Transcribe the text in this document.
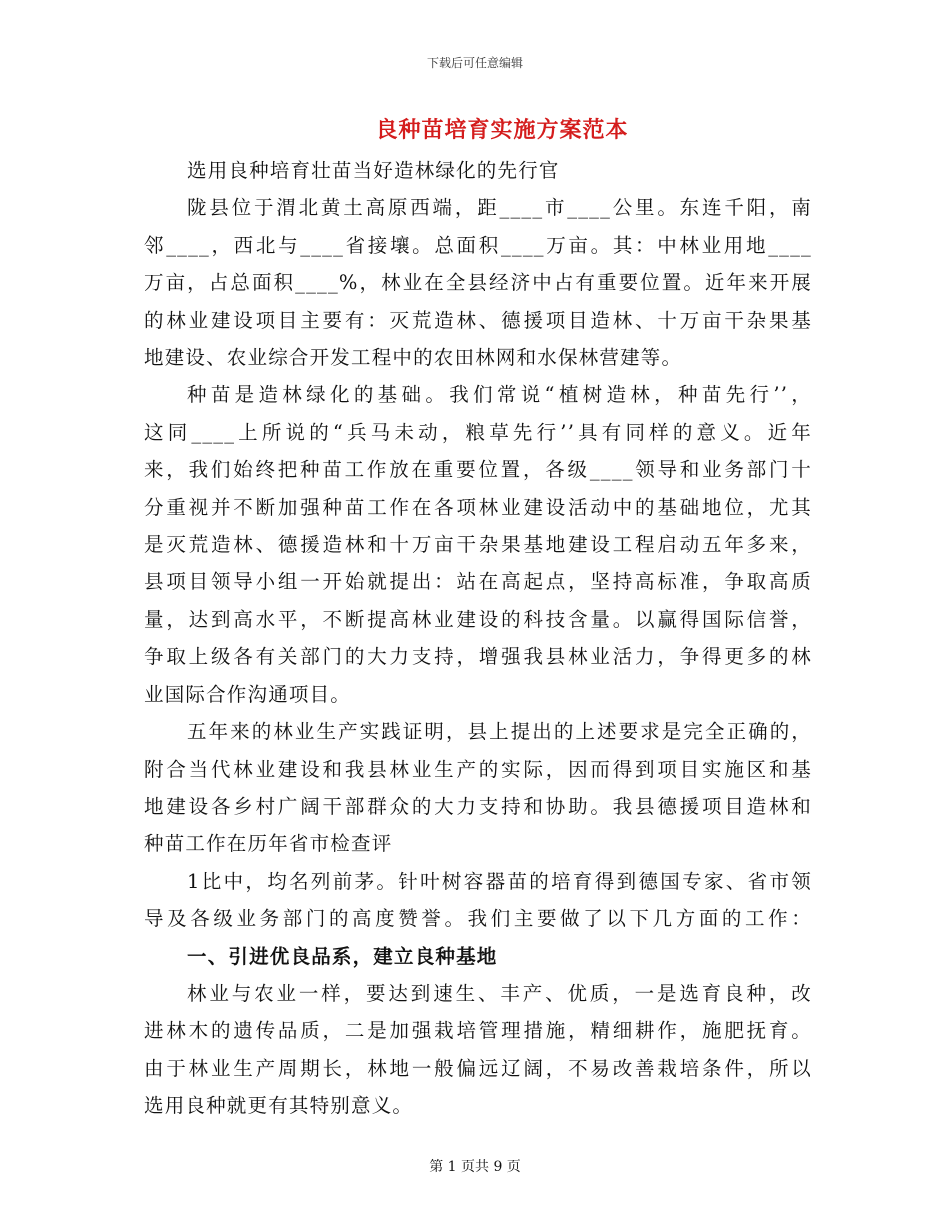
下载后可任意编辑
良种苗培育实施方案范本
选用良种培育壮苗当好造林绿化的先行官
陇县位于渭北黄土高原西端，距____市____公里。东连千阳，南
邻____，西北与____省接壤。总面积____万亩。其：中林业用地____
万亩，占总面积____%，林业在全县经济中占有重要位置。近年来开展
的林业建设项目主要有：灭荒造林、德援项目造林、十万亩干杂果基
地建设、农业综合开发工程中的农田林网和水保林营建等。
种苗是造林绿化的基础。我们常说“植树造林，种苗先行’’，
这同____上所说的“兵马未动，粮草先行’’具有同样的意义。近年
来，我们始终把种苗工作放在重要位置，各级____领导和业务部门十
分重视并不断加强种苗工作在各项林业建设活动中的基础地位，尤其
是灭荒造林、德援造林和十万亩干杂果基地建设工程启动五年多来，
县项目领导小组一开始就提出：站在高起点，坚持高标准，争取高质
量，达到高水平，不断提高林业建设的科技含量。以赢得国际信誉，
争取上级各有关部门的大力支持，增强我县林业活力，争得更多的林
业国际合作沟通项目。
五年来的林业生产实践证明，县上提出的上述要求是完全正确的，
附合当代林业建设和我县林业生产的实际，因而得到项目实施区和基
地建设各乡村广阔干部群众的大力支持和协助。我县德援项目造林和
种苗工作在历年省市检查评
1比中，均名列前茅。针叶树容器苗的培育得到德国专家、省市领
导及各级业务部门的高度赞誉。我们主要做了以下几方面的工作：
一、引进优良品系，建立良种基地
林业与农业一样，要达到速生、丰产、优质，一是选育良种，改
进林木的遗传品质，二是加强栽培管理措施，精细耕作，施肥抚育。
由于林业生产周期长，林地一般偏远辽阔，不易改善栽培条件，所以
选用良种就更有其特别意义。
第 1 页共 9 页
